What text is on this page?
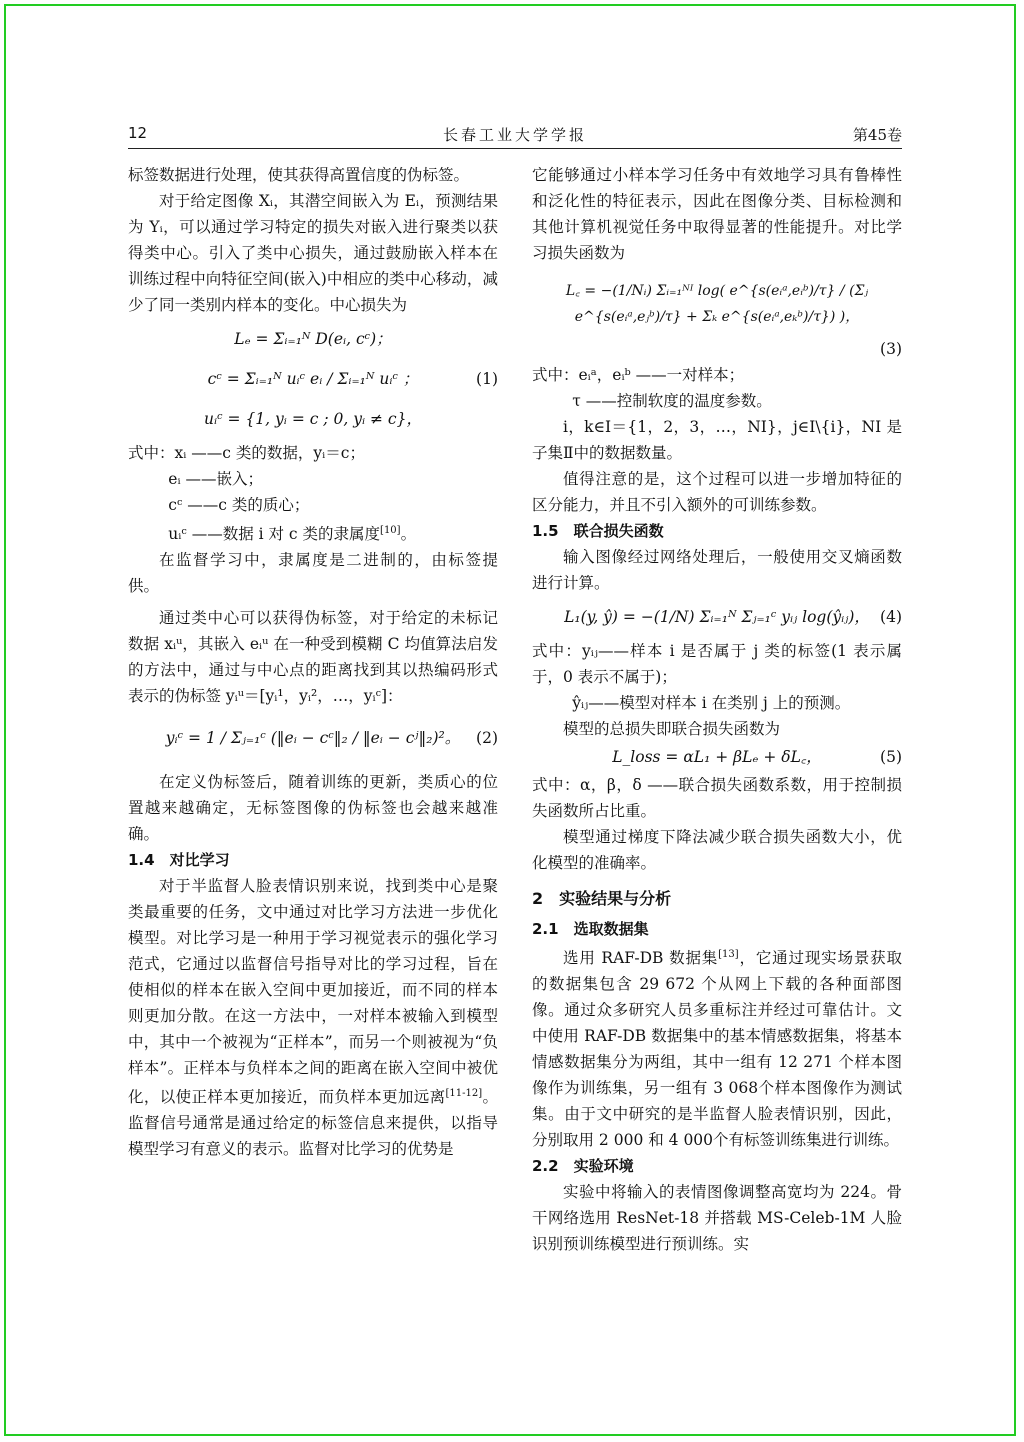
12	长春工业大学学报	第45卷

标签数据进行处理，使其获得高置信度的伪标签。

对于给定图像 Xᵢ，其潜空间嵌入为 Eᵢ，预测结果为 Yᵢ，可以通过学习特定的损失对嵌入进行聚类以获得类中心。引入了类中心损失，通过鼓励嵌入样本在训练过程中向特征空间(嵌入)中相应的类中心移动，减少了同一类别内样本的变化。中心损失为

Lₑ = Σᵢ₌₁ᴺ D(eᵢ, cᶜ)；
cᶜ = Σᵢ₌₁ᴺ uᵢᶜ eᵢ / Σᵢ₌₁ᴺ uᵢᶜ ；	(1)
uᵢᶜ = {1, yᵢ = c ; 0, yᵢ ≠ c}，

式中：xᵢ ——c 类的数据，yᵢ＝c；

eᵢ ——嵌入；

cᶜ ——c 类的质心；

uᵢᶜ ——数据 i 对 c 类的隶属度[10]。

在监督学习中，隶属度是二进制的，由标签提供。

通过类中心可以获得伪标签，对于给定的未标记数据 xᵢᵘ，其嵌入 eᵢᵘ 在一种受到模糊 C 均值算法启发的方法中，通过与中心点的距离找到其以热编码形式表示的伪标签 yᵢᵘ＝[yᵢ¹，yᵢ²，…，yᵢᶜ]：

yᵢᶜ = 1 / Σⱼ₌₁ᶜ (‖eᵢ − cᶜ‖₂ / ‖eᵢ − cʲ‖₂)²。 (2)

在定义伪标签后，随着训练的更新，类质心的位置越来越确定，无标签图像的伪标签也会越来越准确。

1.4　对比学习

对于半监督人脸表情识别来说，找到类中心是聚类最重要的任务，文中通过对比学习方法进一步优化模型。对比学习是一种用于学习视觉表示的强化学习范式，它通过以监督信号指导对比的学习过程，旨在使相似的样本在嵌入空间中更加接近，而不同的样本则更加分散。在这一方法中，一对样本被输入到模型中，其中一个被视为“正样本”，而另一个则被视为“负样本”。正样本与负样本之间的距离在嵌入空间中被优化，以使正样本更加接近，而负样本更加远离[11-12]。监督信号通常是通过给定的标签信息来提供，以指导模型学习有意义的表示。监督对比学习的优势是

它能够通过小样本学习任务中有效地学习具有鲁棒性和泛化性的特征表示，因此在图像分类、目标检测和其他计算机视觉任务中取得显著的性能提升。对比学习损失函数为

L꜀ = −(1/Nᵢ) Σᵢ₌₁ᴺᴵ log( e^{s(eᵢᵃ,eᵢᵇ)/τ} / (Σⱼ e^{s(eᵢᵃ,eⱼᵇ)/τ} + Σₖ e^{s(eᵢᵃ,eₖᵇ)/τ}) )，
(3)

式中：eᵢᵃ，eᵢᵇ ——一对样本；

τ ——控制软度的温度参数。

i，k∈I＝{1，2，3，…，NI}，j∈I\{i}，NI 是子集Ⅱ中的数据数量。

值得注意的是，这个过程可以进一步增加特征的区分能力，并且不引入额外的可训练参数。

1.5　联合损失函数

输入图像经过网络处理后，一般使用交叉熵函数进行计算。

L₁(y, ŷ) = −(1/N) Σᵢ₌₁ᴺ Σⱼ₌₁ᶜ yᵢⱼ log(ŷᵢⱼ)， (4)

式中：yᵢⱼ——样本 i 是否属于 j 类的标签(1 表示属于，0 表示不属于)；

ŷᵢⱼ——模型对样本 i 在类别 j 上的预测。

模型的总损失即联合损失函数为

L_loss = αL₁ + βLₑ + δL꜀，	(5)

式中：α，β，δ ——联合损失函数系数，用于控制损失函数所占比重。

模型通过梯度下降法减少联合损失函数大小，优化模型的准确率。

2　实验结果与分析

2.1　选取数据集

选用 RAF-DB 数据集[13]，它通过现实场景获取的数据集包含 29 672 个从网上下载的各种面部图像。通过众多研究人员多重标注并经过可靠估计。文中使用 RAF-DB 数据集中的基本情感数据集，将基本情感数据集分为两组，其中一组有 12 271 个样本图像作为训练集，另一组有 3 068个样本图像作为测试集。由于文中研究的是半监督人脸表情识别，因此，分别取用 2 000 和 4 000个有标签训练集进行训练。

2.2　实验环境

实验中将输入的表情图像调整高宽均为 224。骨干网络选用 ResNet-18 并搭载 MS-Celeb-1M 人脸识别预训练模型进行预训练。实
